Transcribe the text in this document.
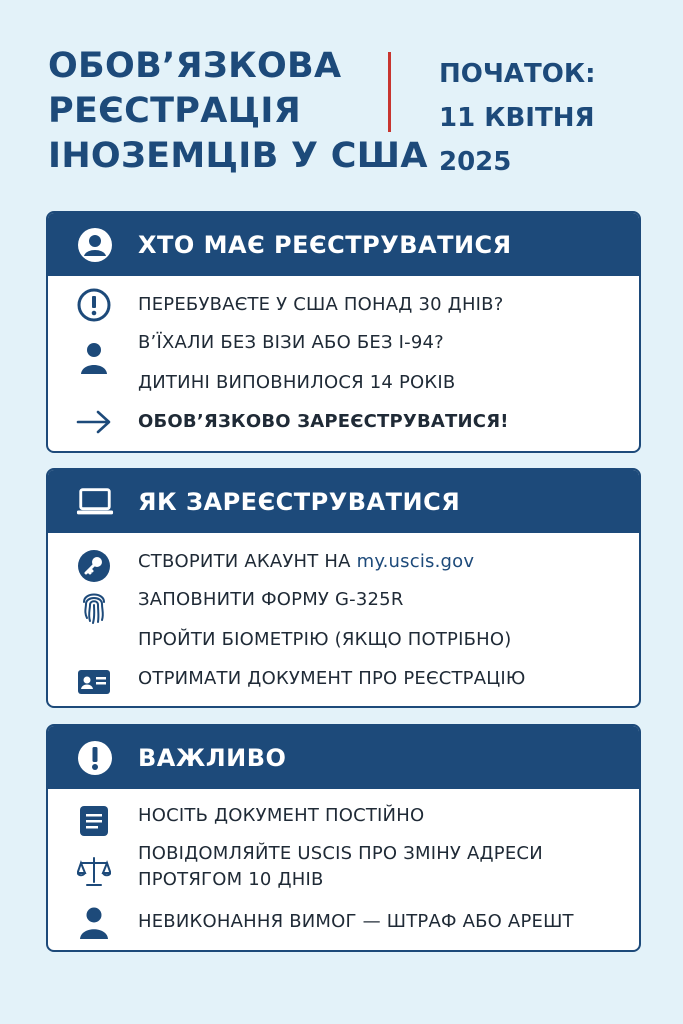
ОБОВ’ЯЗКОВА
РЕЄСТРАЦІЯ
ІНОЗЕМЦІВ У США
ПОЧАТОК:
11 КВІТНЯ
2025
ХТО МАЄ РЕЄСТРУВАТИСЯ
ПЕРЕБУВАЄТЕ У США ПОНАД 30 ДНІВ?
В’ЇХАЛИ БЕЗ ВІЗИ АБО БЕЗ І-94?
ДИТИНІ ВИПОВНИЛОСЯ 14 РОКІВ
ОБОВ’ЯЗКОВО ЗАРЕЄСТРУВАТИСЯ!
ЯК ЗАРЕЄСТРУВАТИСЯ
СТВОРИТИ АКАУНТ НА my.uscis.gov
ЗАПОВНИТИ ФОРМУ G-325R
ПРОЙТИ БІОМЕТРІЮ (ЯКЩО ПОТРІБНО)
ОТРИМАТИ ДОКУМЕНТ ПРО РЕЄСТРАЦІЮ
ВАЖЛИВО
НОСІТЬ ДОКУМЕНТ ПОСТІЙНО
ПОВІДОМЛЯЙТЕ USCIS ПРО ЗМІНУ АДРЕСИ
ПРОТЯГОМ 10 ДНІВ
НЕВИКОНАННЯ ВИМОГ — ШТРАФ АБО АРЕШТ
